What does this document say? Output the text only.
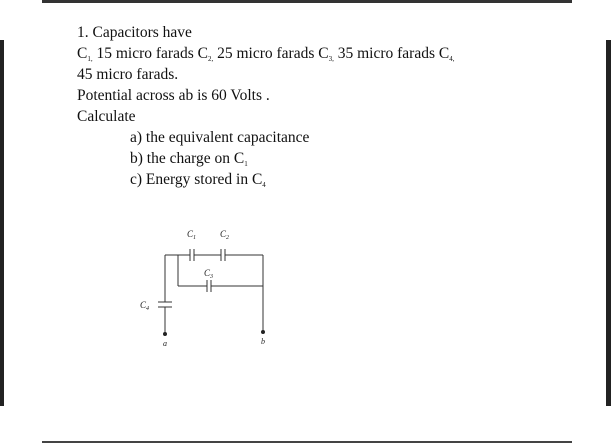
1. Capacitors have
$C_{1,}$ 15 micro farads $C_{2,}$ 25 micro farads $C_{3,}$ 35 micro farads $C_{4,}$
45 micro farads.
Potential across ab is 60 Volts .
Calculate
a) the equivalent capacitance
b) the charge on $C_1$
c) Energy stored in $C_4$
$C_1$	$C_2$
$C_3$
$C_4$
a	b
